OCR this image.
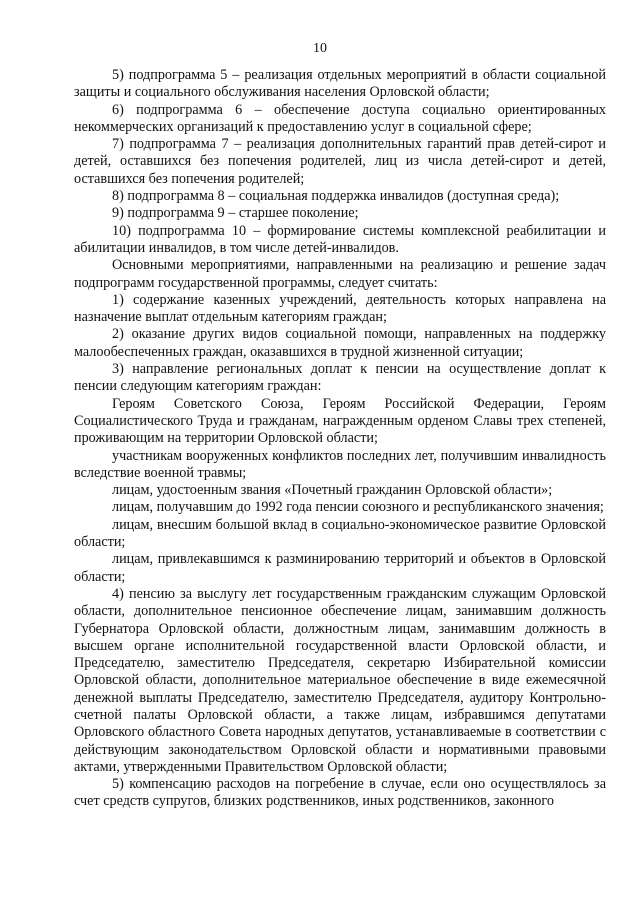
10

5) подпрограмма 5 – реализация отдельных мероприятий в области социальной защиты и социального обслуживания населения Орловской области;

6) подпрограмма 6 – обеспечение доступа социально ориентированных некоммерческих организаций к предоставлению услуг в социальной сфере;

7) подпрограмма 7 – реализация дополнительных гарантий прав детей-сирот и детей, оставшихся без попечения родителей, лиц из числа детей-сирот и детей, оставшихся без попечения родителей;

8) подпрограмма 8 – социальная поддержка инвалидов (доступная среда);

9) подпрограмма 9 – старшее поколение;

10) подпрограмма 10 – формирование системы комплексной реабилитации и абилитации инвалидов, в том числе детей-инвалидов.

Основными мероприятиями, направленными на реализацию и решение задач подпрограмм государственной программы, следует считать:

1) содержание казенных учреждений, деятельность которых направлена на назначение выплат отдельным категориям граждан;

2) оказание других видов социальной помощи, направленных на поддержку малообеспеченных граждан, оказавшихся в трудной жизненной ситуации;

3) направление региональных доплат к пенсии на осуществление доплат к пенсии следующим категориям граждан:

Героям Советского Союза, Героям Российской Федерации, Героям Социалистического Труда и гражданам, награжденным орденом Славы трех степеней, проживающим на территории Орловской области;

участникам вооруженных конфликтов последних лет, получившим инвалидность вследствие военной травмы;

лицам, удостоенным звания «Почетный гражданин Орловской области»;

лицам, получавшим до 1992 года пенсии союзного и республиканского значения;

лицам, внесшим большой вклад в социально-экономическое развитие Орловской области;

лицам, привлекавшимся к разминированию территорий и объектов в Орловской области;

4) пенсию за выслугу лет государственным гражданским служащим Орловской области, дополнительное пенсионное обеспечение лицам, занимавшим должность Губернатора Орловской области, должностным лицам, занимавшим должность в высшем органе исполнительной государственной власти Орловской области, и Председателю, заместителю Председателя, секретарю Избирательной комиссии Орловской области, дополнительное материальное обеспечение в виде ежемесячной денежной выплаты Председателю, заместителю Председателя, аудитору Контрольно-счетной палаты Орловской области, а также лицам, избравшимся депутатами Орловского областного Совета народных депутатов, устанавливаемые в соответствии с действующим законодательством Орловской области и нормативными правовыми актами, утвержденными Правительством Орловской области;

5) компенсацию расходов на погребение в случае, если оно осуществлялось за счет средств супругов, близких родственников, иных родственников, законного
